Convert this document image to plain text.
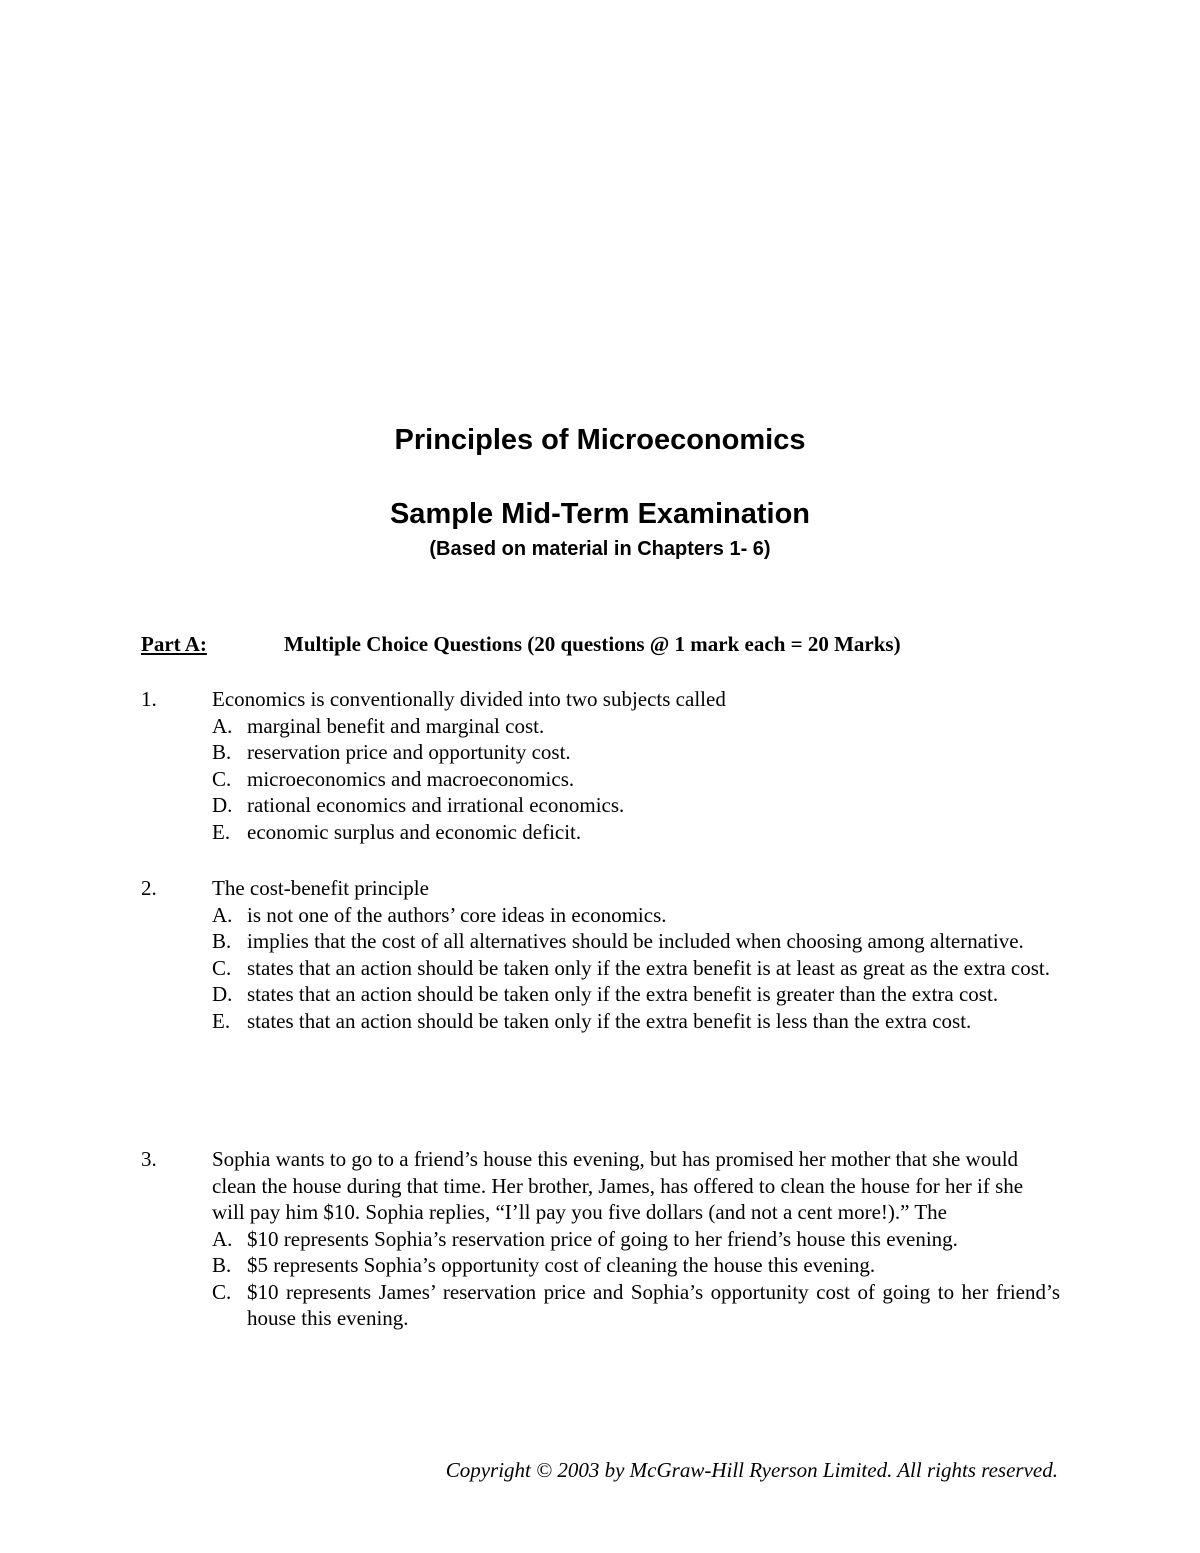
Principles of Microeconomics
Sample Mid-Term Examination
(Based on material in Chapters 1- 6)
Part A:	Multiple Choice Questions (20 questions @ 1 mark each = 20 Marks)
1.	Economics is conventionally divided into two subjects called

A. marginal benefit and marginal cost.
B. reservation price and opportunity cost.
C. microeconomics and macroeconomics.
D. rational economics and irrational economics.
E. economic surplus and economic deficit.
2.	The cost-benefit principle

A. is not one of the authors’ core ideas in economics.
B. implies that the cost of all alternatives should be included when choosing among alternative.
C. states that an action should be taken only if the extra benefit is at least as great as the extra cost.
D. states that an action should be taken only if the extra benefit is greater than the extra cost.
E. states that an action should be taken only if the extra benefit is less than the extra cost.
3.	Sophia wants to go to a friend’s house this evening, but has promised her mother that she would clean the house during that time. Her brother, James, has offered to clean the house for her if she will pay him $10. Sophia replies, “I’ll pay you five dollars (and not a cent more!).” The

A. $10 represents Sophia’s reservation price of going to her friend’s house this evening.
B. $5 represents Sophia’s opportunity cost of cleaning the house this evening.
C. $10 represents James’ reservation price and Sophia’s opportunity cost of going to her friend’s house this evening.
Copyright © 2003 by McGraw-Hill Ryerson Limited. All rights reserved.
